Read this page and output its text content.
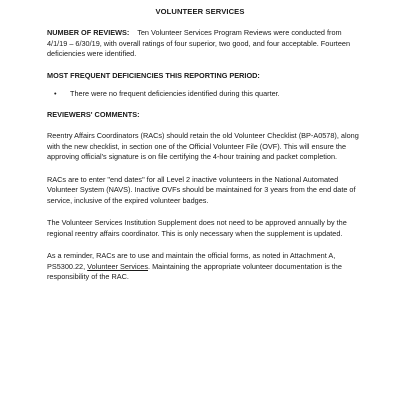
VOLUNTEER SERVICES

NUMBER OF REVIEWS: Ten Volunteer Services Program Reviews were conducted from 4/1/19 – 6/30/19, with overall ratings of four superior, two good, and four acceptable. Fourteen deficiencies were identified.

MOST FREQUENT DEFICIENCIES THIS REPORTING PERIOD:

• There were no frequent deficiencies identified during this quarter.

REVIEWERS' COMMENTS:

Reentry Affairs Coordinators (RACs) should retain the old Volunteer Checklist (BP-A0578), along with the new checklist, in section one of the Official Volunteer File (OVF). This will ensure the approving official's signature is on file certifying the 4-hour training and packet completion.

RACs are to enter "end dates" for all Level 2 inactive volunteers in the National Automated Volunteer System (NAVS). Inactive OVFs should be maintained for 3 years from the end date of service, inclusive of the expired volunteer badges.

The Volunteer Services Institution Supplement does not need to be approved annually by the regional reentry affairs coordinator. This is only necessary when the supplement is updated.

As a reminder, RACs are to use and maintain the official forms, as noted in Attachment A, PS5300.22, Volunteer Services. Maintaining the appropriate volunteer documentation is the responsibility of the RAC.
